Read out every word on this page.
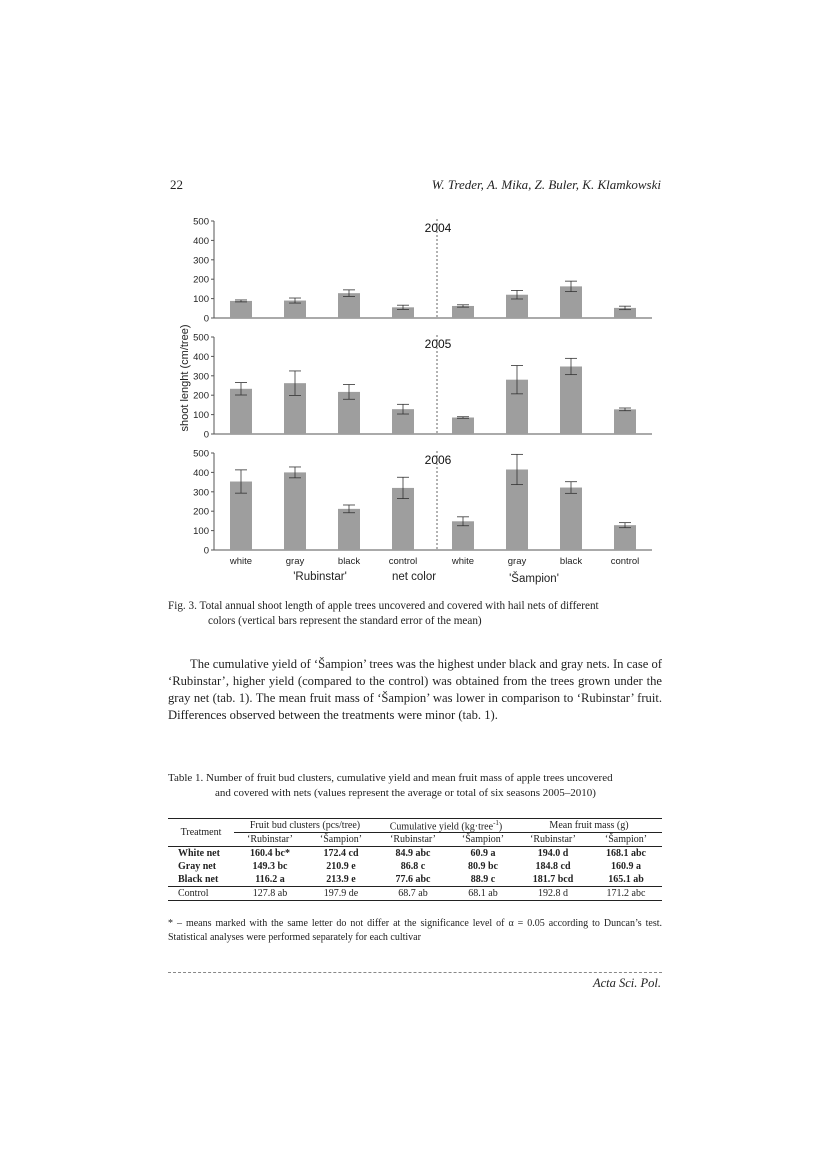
22	W. Treder, A. Mika, Z. Buler, K. Klamkowski
shoot lenght (cm/tree)
0
100
200
300
400
500	2004
0
100
200
300
400
500	2005
0
100
200
300
400
500	2006
white	gray	black	control	white	gray	black	control
'Rubinstar'	net color	'Šampion'
Fig. 3. Total annual shoot length of apple trees uncovered and covered with hail nets of different
colors (vertical bars represent the standard error of the mean)
The cumulative yield of ‘Šampion’ trees was the highest under black and gray nets. In case of ‘Rubinstar’, higher yield (compared to the control) was obtained from the trees grown under the gray net (tab. 1). The mean fruit mass of ‘Šampion’ was lower in comparison to ‘Rubinstar’ fruit. Differences observed between the treatments were minor (tab. 1).
Table 1. Number of fruit bud clusters, cumulative yield and mean fruit mass of apple trees uncovered
and covered with nets (values represent the average or total of six seasons 2005–2010)
Treatment	Fruit bud clusters (pcs/tree)		Cumulative yield (kg·tree$^{-1}$)		Mean fruit mass (g)	
	‘Rubinstar’	‘Šampion’	‘Rubinstar’	‘Šampion’	‘Rubinstar’	‘Šampion’
White net	160.4 bc*	172.4 cd	84.9 abc	60.9 a	194.0 d	168.1 abc
Gray net	149.3 bc	210.9 e	86.8 c	80.9 bc	184.8 cd	160.9 a
Black net	116.2 a	213.9 e	77.6 abc	88.9 c	181.7 bcd	165.1 ab
Control	127.8 ab	197.9 de	68.7 ab	68.1 ab	192.8 d	171.2 abc
* – means marked with the same letter do not differ at the significance level of α = 0.05 according to Duncan’s test. Statistical analyses were performed separately for each cultivar
Acta Sci. Pol.
